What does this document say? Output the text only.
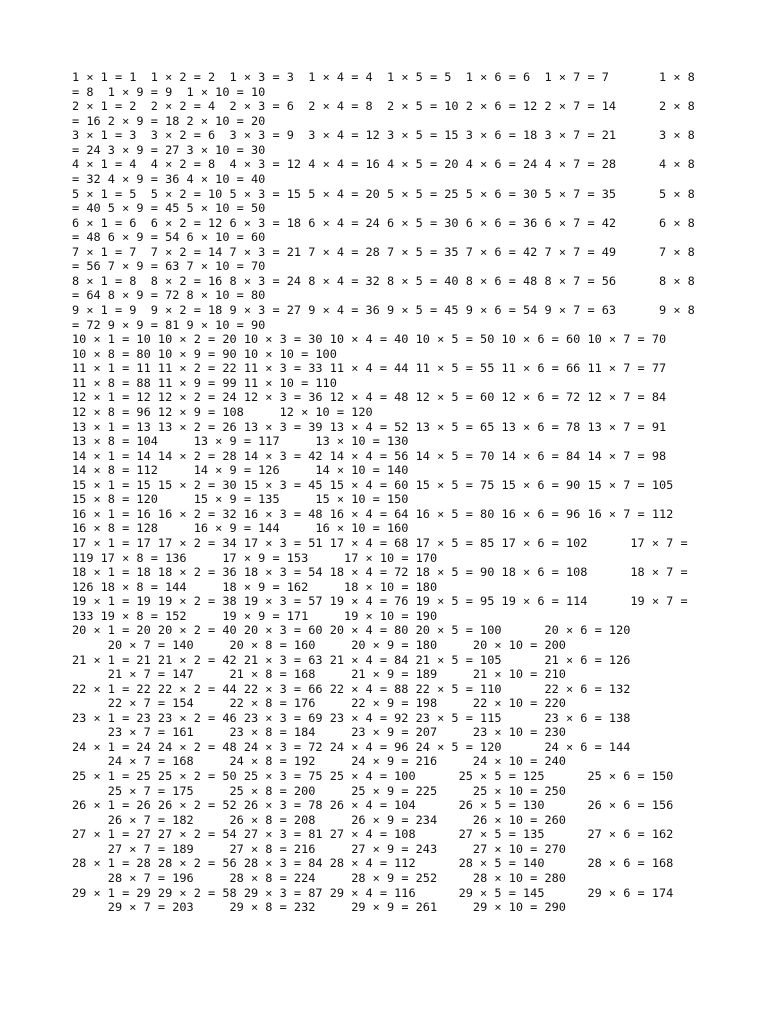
1 × 1 = 1  1 × 2 = 2  1 × 3 = 3  1 × 4 = 4  1 × 5 = 5  1 × 6 = 6  1 × 7 = 7       1 × 8 = 8  1 × 9 = 9  1 × 10 = 10
2 × 1 = 2  2 × 2 = 4  2 × 3 = 6  2 × 4 = 8  2 × 5 = 10 2 × 6 = 12 2 × 7 = 14      2 × 8 = 16 2 × 9 = 18 2 × 10 = 20
3 × 1 = 3  3 × 2 = 6  3 × 3 = 9  3 × 4 = 12 3 × 5 = 15 3 × 6 = 18 3 × 7 = 21      3 × 8 = 24 3 × 9 = 27 3 × 10 = 30
4 × 1 = 4  4 × 2 = 8  4 × 3 = 12 4 × 4 = 16 4 × 5 = 20 4 × 6 = 24 4 × 7 = 28      4 × 8 = 32 4 × 9 = 36 4 × 10 = 40
5 × 1 = 5  5 × 2 = 10 5 × 3 = 15 5 × 4 = 20 5 × 5 = 25 5 × 6 = 30 5 × 7 = 35      5 × 8 = 40 5 × 9 = 45 5 × 10 = 50
6 × 1 = 6  6 × 2 = 12 6 × 3 = 18 6 × 4 = 24 6 × 5 = 30 6 × 6 = 36 6 × 7 = 42      6 × 8 = 48 6 × 9 = 54 6 × 10 = 60
7 × 1 = 7  7 × 2 = 14 7 × 3 = 21 7 × 4 = 28 7 × 5 = 35 7 × 6 = 42 7 × 7 = 49      7 × 8 = 56 7 × 9 = 63 7 × 10 = 70
8 × 1 = 8  8 × 2 = 16 8 × 3 = 24 8 × 4 = 32 8 × 5 = 40 8 × 6 = 48 8 × 7 = 56      8 × 8 = 64 8 × 9 = 72 8 × 10 = 80
9 × 1 = 9  9 × 2 = 18 9 × 3 = 27 9 × 4 = 36 9 × 5 = 45 9 × 6 = 54 9 × 7 = 63      9 × 8 = 72 9 × 9 = 81 9 × 10 = 90
10 × 1 = 10 10 × 2 = 20 10 × 3 = 30 10 × 4 = 40 10 × 5 = 50 10 × 6 = 60 10 × 7 = 70      10 × 8 = 80 10 × 9 = 90 10 × 10 = 100
11 × 1 = 11 11 × 2 = 22 11 × 3 = 33 11 × 4 = 44 11 × 5 = 55 11 × 6 = 66 11 × 7 = 77      11 × 8 = 88 11 × 9 = 99 11 × 10 = 110
12 × 1 = 12 12 × 2 = 24 12 × 3 = 36 12 × 4 = 48 12 × 5 = 60 12 × 6 = 72 12 × 7 = 84      12 × 8 = 96 12 × 9 = 108     12 × 10 = 120
13 × 1 = 13 13 × 2 = 26 13 × 3 = 39 13 × 4 = 52 13 × 5 = 65 13 × 6 = 78 13 × 7 = 91      13 × 8 = 104     13 × 9 = 117     13 × 10 = 130
14 × 1 = 14 14 × 2 = 28 14 × 3 = 42 14 × 4 = 56 14 × 5 = 70 14 × 6 = 84 14 × 7 = 98      14 × 8 = 112     14 × 9 = 126     14 × 10 = 140
15 × 1 = 15 15 × 2 = 30 15 × 3 = 45 15 × 4 = 60 15 × 5 = 75 15 × 6 = 90 15 × 7 = 105      15 × 8 = 120     15 × 9 = 135     15 × 10 = 150
16 × 1 = 16 16 × 2 = 32 16 × 3 = 48 16 × 4 = 64 16 × 5 = 80 16 × 6 = 96 16 × 7 = 112      16 × 8 = 128     16 × 9 = 144     16 × 10 = 160
17 × 1 = 17 17 × 2 = 34 17 × 3 = 51 17 × 4 = 68 17 × 5 = 85 17 × 6 = 102      17 × 7 = 119 17 × 8 = 136     17 × 9 = 153     17 × 10 = 170
18 × 1 = 18 18 × 2 = 36 18 × 3 = 54 18 × 4 = 72 18 × 5 = 90 18 × 6 = 108      18 × 7 = 126 18 × 8 = 144     18 × 9 = 162     18 × 10 = 180
19 × 1 = 19 19 × 2 = 38 19 × 3 = 57 19 × 4 = 76 19 × 5 = 95 19 × 6 = 114      19 × 7 = 133 19 × 8 = 152     19 × 9 = 171     19 × 10 = 190
20 × 1 = 20 20 × 2 = 40 20 × 3 = 60 20 × 4 = 80 20 × 5 = 100      20 × 6 = 120
20 × 7 = 140     20 × 8 = 160     20 × 9 = 180     20 × 10 = 200
21 × 1 = 21 21 × 2 = 42 21 × 3 = 63 21 × 4 = 84 21 × 5 = 105      21 × 6 = 126
21 × 7 = 147     21 × 8 = 168     21 × 9 = 189     21 × 10 = 210
22 × 1 = 22 22 × 2 = 44 22 × 3 = 66 22 × 4 = 88 22 × 5 = 110      22 × 6 = 132
22 × 7 = 154     22 × 8 = 176     22 × 9 = 198     22 × 10 = 220
23 × 1 = 23 23 × 2 = 46 23 × 3 = 69 23 × 4 = 92 23 × 5 = 115      23 × 6 = 138
23 × 7 = 161     23 × 8 = 184     23 × 9 = 207     23 × 10 = 230
24 × 1 = 24 24 × 2 = 48 24 × 3 = 72 24 × 4 = 96 24 × 5 = 120      24 × 6 = 144
24 × 7 = 168     24 × 8 = 192     24 × 9 = 216     24 × 10 = 240
25 × 1 = 25 25 × 2 = 50 25 × 3 = 75 25 × 4 = 100      25 × 5 = 125      25 × 6 = 150
25 × 7 = 175     25 × 8 = 200     25 × 9 = 225     25 × 10 = 250
26 × 1 = 26 26 × 2 = 52 26 × 3 = 78 26 × 4 = 104      26 × 5 = 130      26 × 6 = 156
26 × 7 = 182     26 × 8 = 208     26 × 9 = 234     26 × 10 = 260
27 × 1 = 27 27 × 2 = 54 27 × 3 = 81 27 × 4 = 108      27 × 5 = 135      27 × 6 = 162
27 × 7 = 189     27 × 8 = 216     27 × 9 = 243     27 × 10 = 270
28 × 1 = 28 28 × 2 = 56 28 × 3 = 84 28 × 4 = 112      28 × 5 = 140      28 × 6 = 168
28 × 7 = 196     28 × 8 = 224     28 × 9 = 252     28 × 10 = 280
29 × 1 = 29 29 × 2 = 58 29 × 3 = 87 29 × 4 = 116      29 × 5 = 145      29 × 6 = 174
29 × 7 = 203     29 × 8 = 232     29 × 9 = 261     29 × 10 = 290
